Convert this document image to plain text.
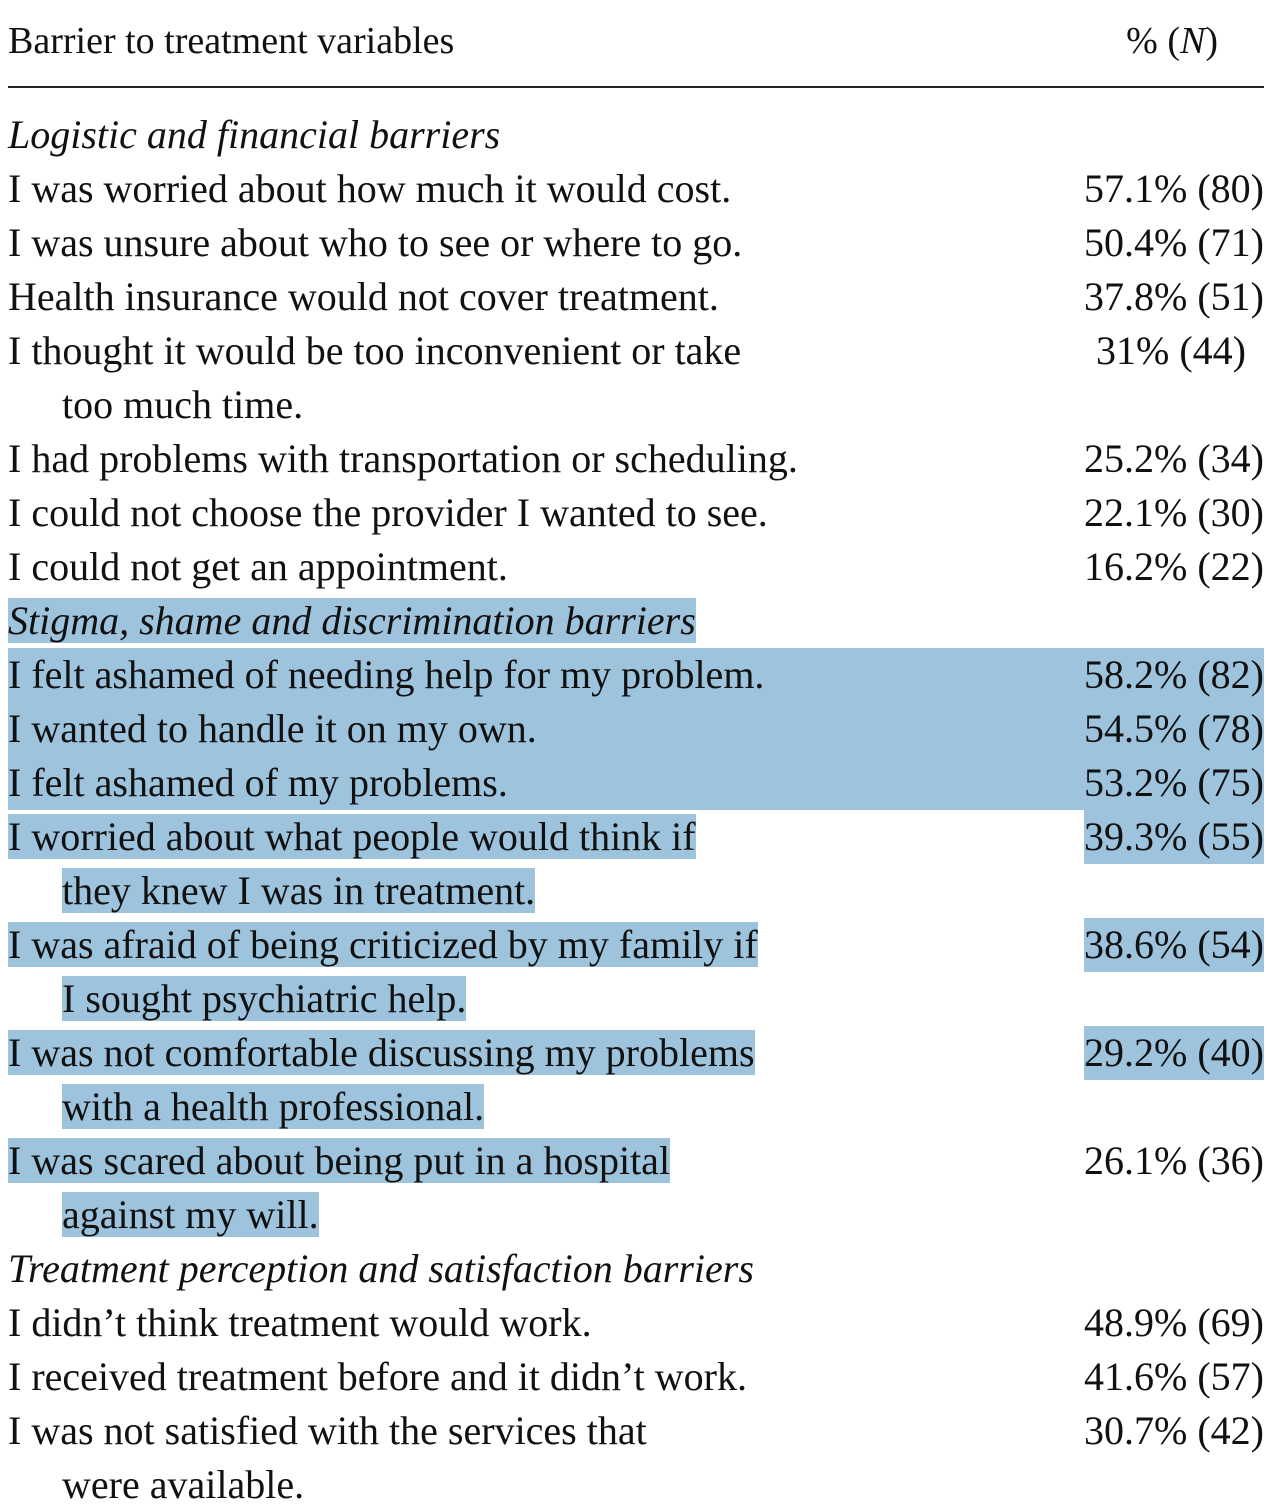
Barrier to treatment variables	% (N)
Logistic and financial barriers
I was worried about how much it would cost.	57.1% (80)
I was unsure about who to see or where to go.	50.4% (71)
Health insurance would not cover treatment.	37.8% (51)
I thought it would be too inconvenient or take	31% (44)
too much time.
I had problems with transportation or scheduling.	25.2% (34)
I could not choose the provider I wanted to see.	22.1% (30)
I could not get an appointment.	16.2% (22)
Stigma, shame and discrimination barriers
I felt ashamed of needing help for my problem.	58.2% (82)
I wanted to handle it on my own.	54.5% (78)
I felt ashamed of my problems.	53.2% (75)
I worried about what people would think if	39.3% (55)
they knew I was in treatment.
I was afraid of being criticized by my family if	38.6% (54)
I sought psychiatric help.
I was not comfortable discussing my problems	29.2% (40)
with a health professional.
I was scared about being put in a hospital	26.1% (36)
against my will.
Treatment perception and satisfaction barriers
I didn’t think treatment would work.	48.9% (69)
I received treatment before and it didn’t work.	41.6% (57)
I was not satisfied with the services that	30.7% (42)
were available.
